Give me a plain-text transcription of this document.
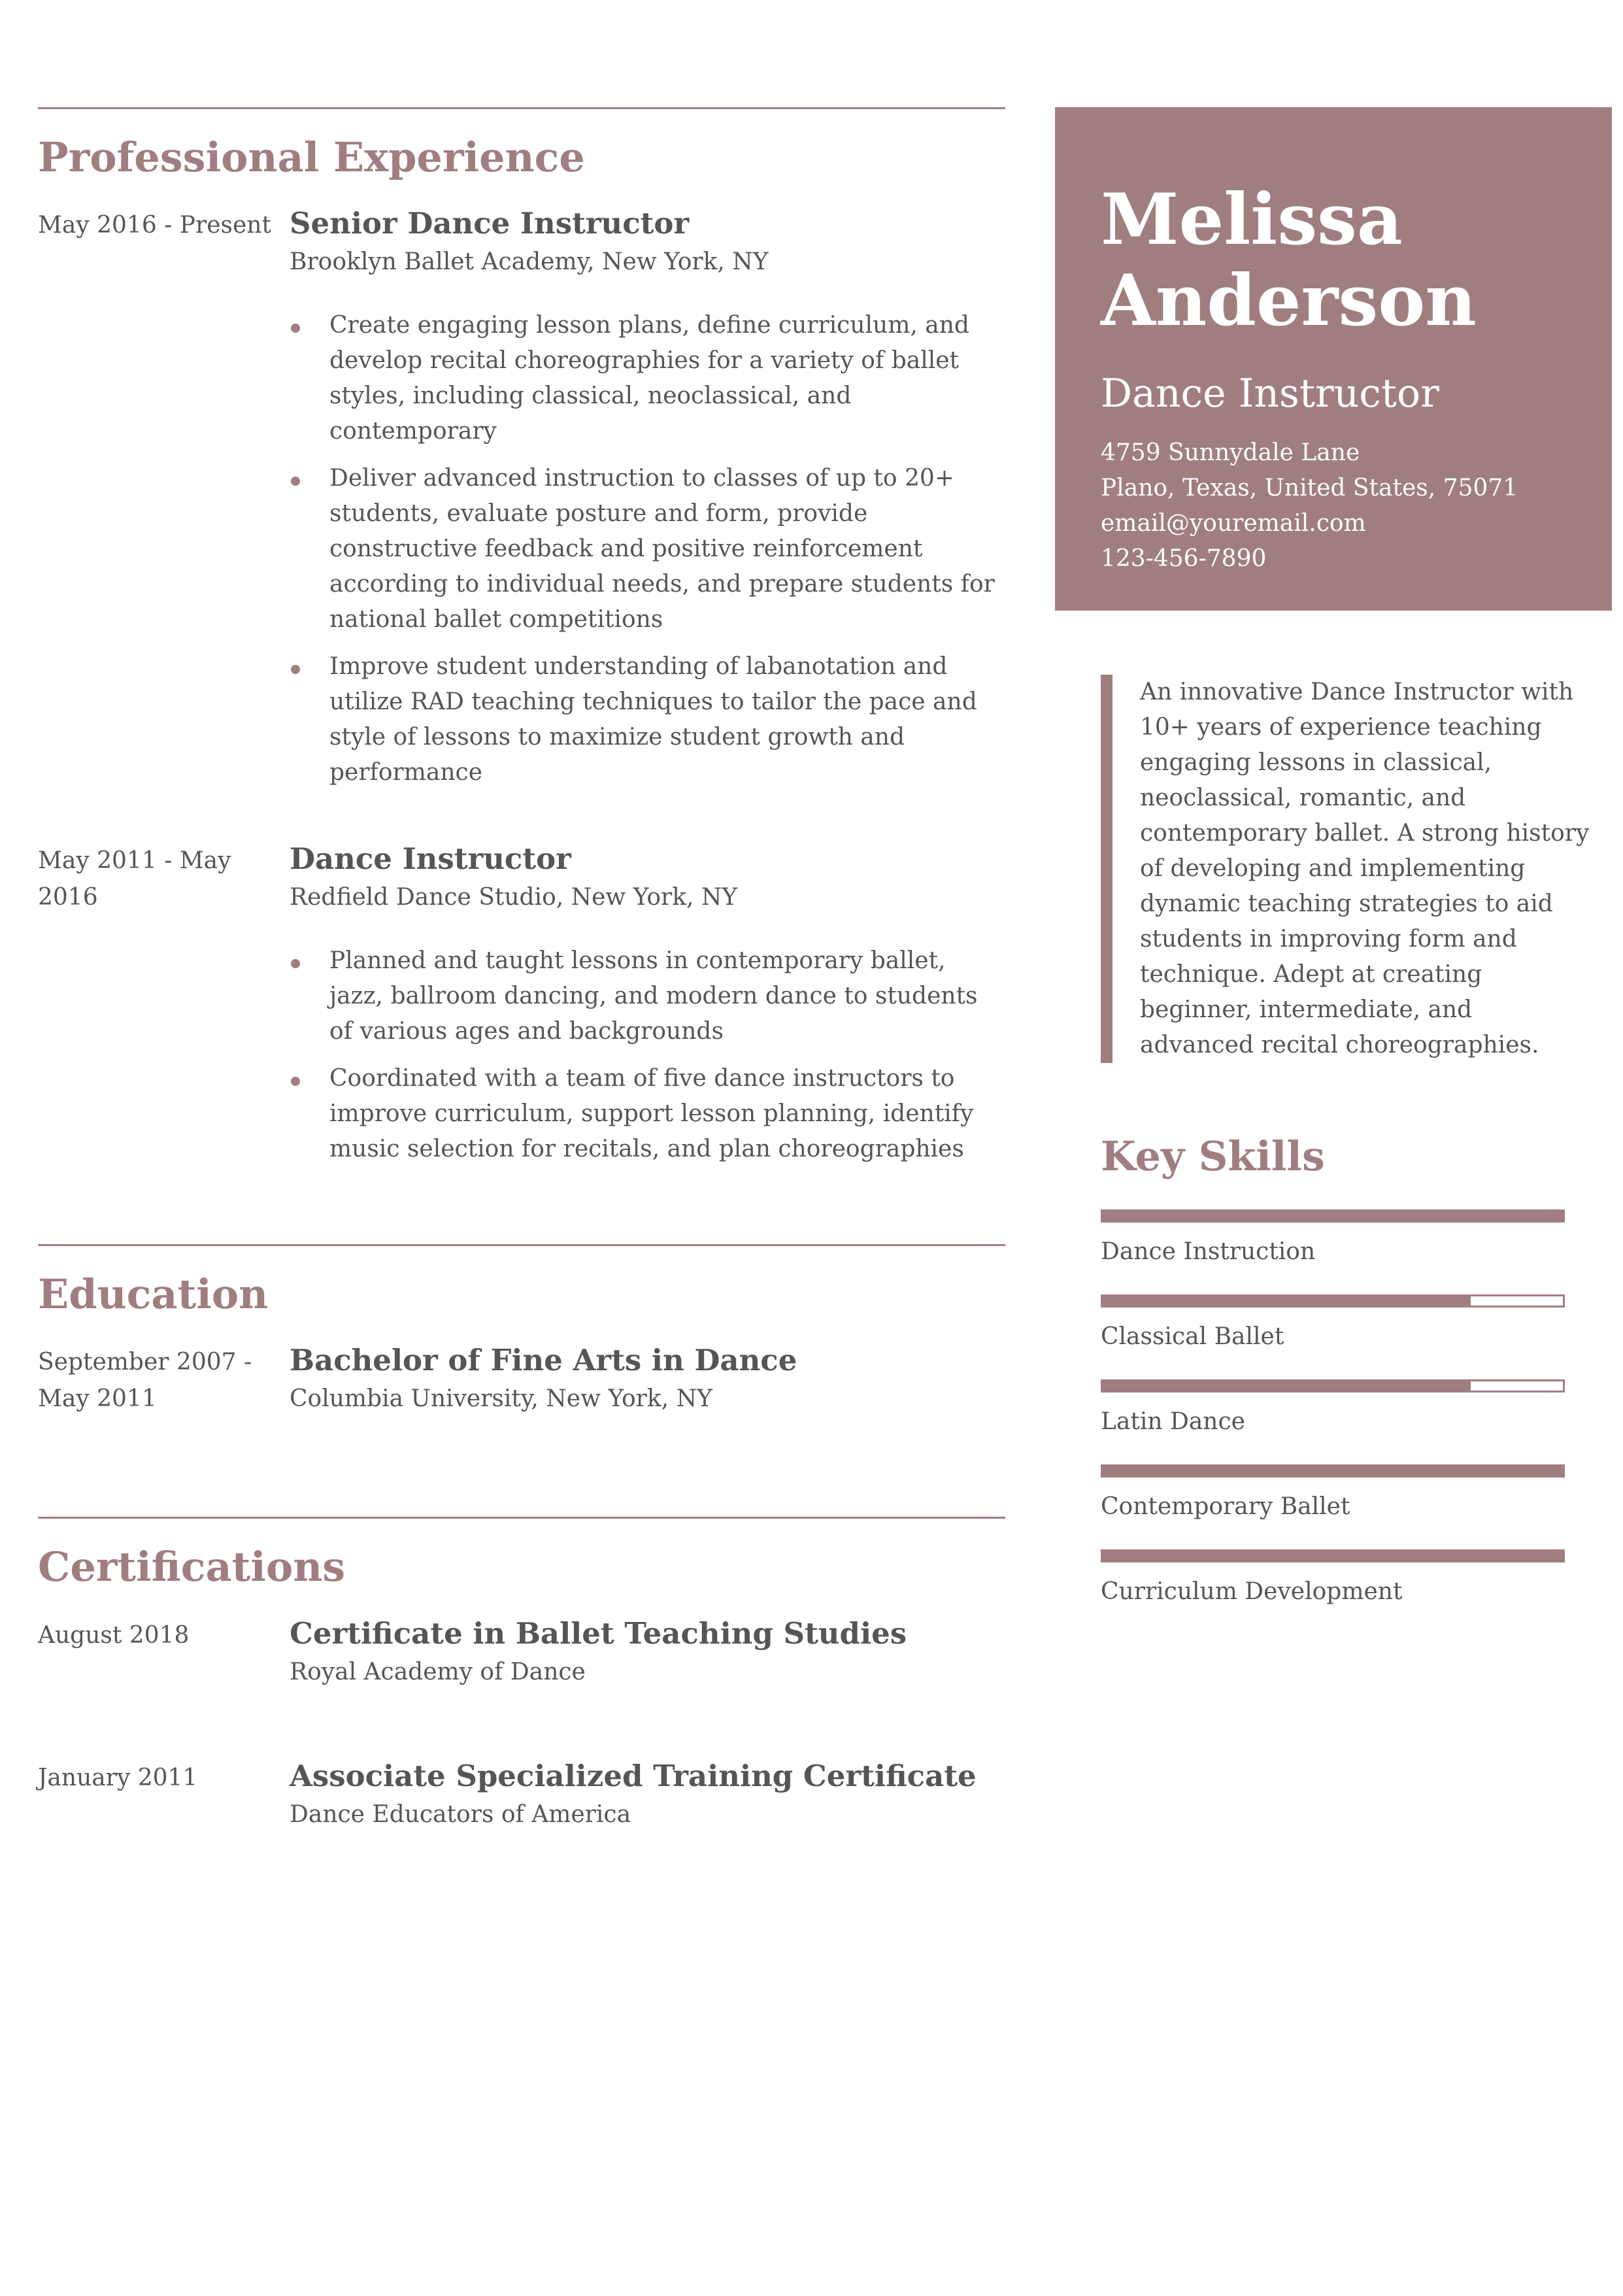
Professional Experience
May 2016 - Present Senior Dance Instructor
Brooklyn Ballet Academy, New York, NY
Create engaging lesson plans, define curriculum, and develop recital choreographies for a variety of ballet styles, including classical, neoclassical, and contemporary
Deliver advanced instruction to classes of up to 20+ students, evaluate posture and form, provide constructive feedback and positive reinforcement according to individual needs, and prepare students for national ballet competitions
Improve student understanding of labanotation and utilize RAD teaching techniques to tailor the pace and style of lessons to maximize student growth and performance
May 2011 - May 2016
Dance Instructor
Redfield Dance Studio, New York, NY
Planned and taught lessons in contemporary ballet, jazz, ballroom dancing, and modern dance to students of various ages and backgrounds
Coordinated with a team of five dance instructors to improve curriculum, support lesson planning, identify music selection for recitals, and plan choreographies
Education
September 2007 - May 2011
Bachelor of Fine Arts in Dance
Columbia University, New York, NY
Certifications
August 2018	Certificate in Ballet Teaching Studies
Royal Academy of Dance
January 2011	Associate Specialized Training Certificate
Dance Educators of America
Melissa
Anderson
Dance Instructor
4759 Sunnydale Lane
Plano, Texas, United States, 75071
email@youremail.com
123-456-7890
An innovative Dance Instructor with 10+ years of experience teaching engaging lessons in classical, neoclassical, romantic, and contemporary ballet. A strong history of developing and implementing dynamic teaching strategies to aid students in improving form and technique. Adept at creating beginner, intermediate, and advanced recital choreographies.
Key Skills
Dance Instruction
Classical Ballet
Latin Dance
Contemporary Ballet
Curriculum Development
